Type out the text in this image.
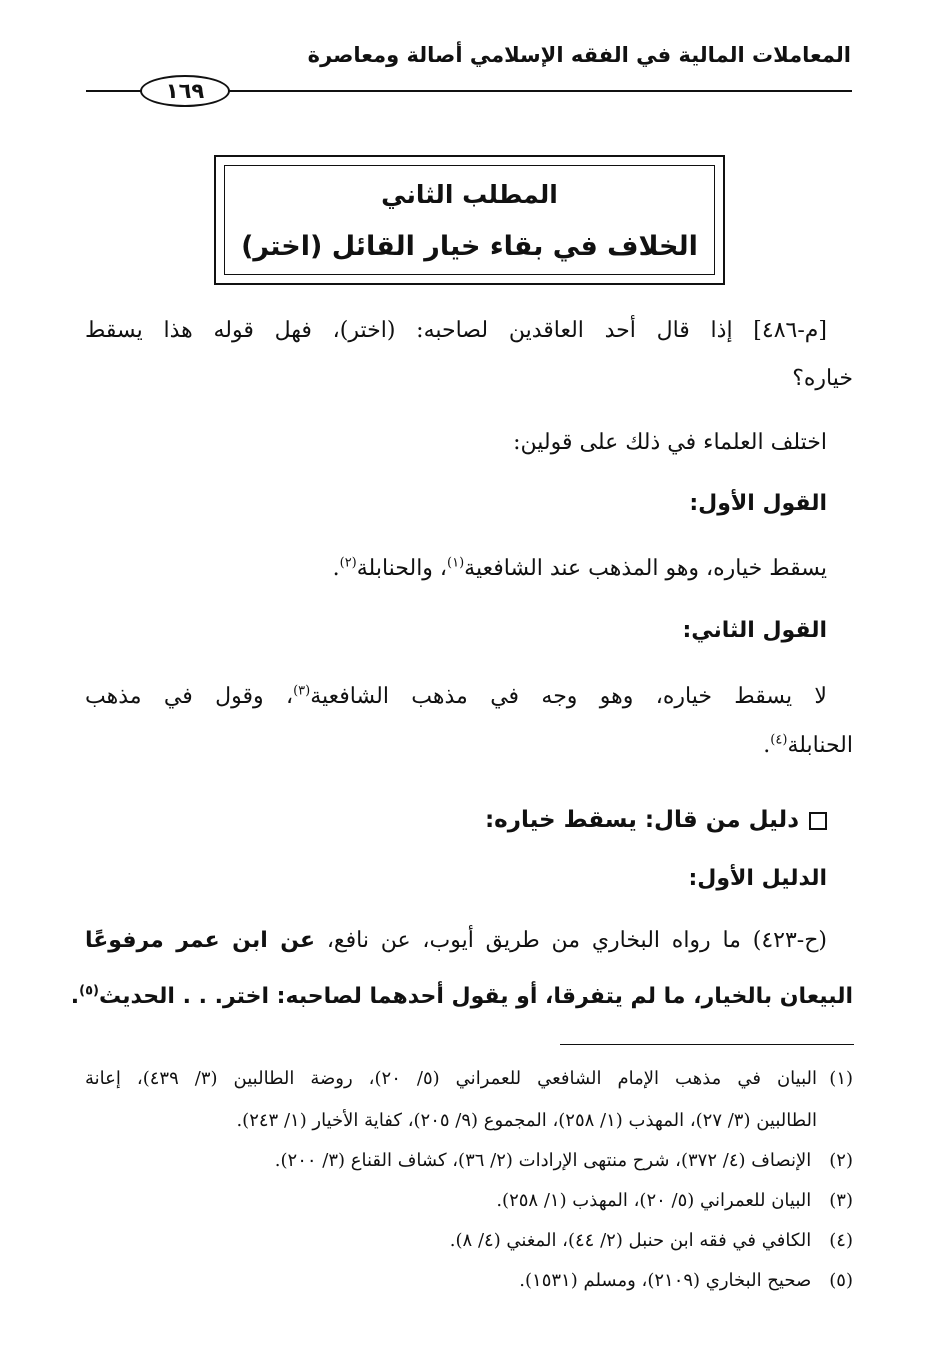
المعاملات المالية في الفقه الإسلامي أصالة ومعاصرة
١٦٩
المطلب الثاني
الخلاف في بقاء خيار القائل (اختر)
[م-٤٨٦] إذا قال أحد العاقدين لصاحبه: (اختر)، فهل قوله هذا يسقط
خياره؟
اختلف العلماء في ذلك على قولين:
القول الأول:
يسقط خياره، وهو المذهب عند الشافعية$^{(١)}$، والحنابلة$^{(٢)}$.
القول الثاني:
لا يسقط خياره، وهو وجه في مذهب الشافعية$^{(٣)}$، وقول في مذهب
الحنابلة$^{(٤)}$.
دليل من قال: يسقط خياره:
الدليل الأول:
(ح-٤٢٣) ما رواه البخاري من طريق أيوب، عن نافع، عن ابن عمر مرفوعًا
البيعان بالخيار، ما لم يتفرقا، أو يقول أحدهما لصاحبه: اختر. . . الحديث$^{(٥)}$.
(١)البيان في مذهب الإمام الشافعي للعمراني (٥/ ٢٠)، روضة الطالبين (٣/ ٤٣٩)، إعانة
الطالبين (٣/ ٢٧)، المهذب (١/ ٢٥٨)، المجموع (٩/ ٢٠٥)، كفاية الأخيار (١/ ٢٤٣).
(٢) الإنصاف (٤/ ٣٧٢)، شرح منتهى الإرادات (٢/ ٣٦)، كشاف القناع (٣/ ٢٠٠).
(٣) البيان للعمراني (٥/ ٢٠)، المهذب (١/ ٢٥٨).
(٤) الكافي في فقه ابن حنبل (٢/ ٤٤)، المغني (٤/ ٨).
(٥) صحيح البخاري (٢١٠٩)، ومسلم (١٥٣١).
